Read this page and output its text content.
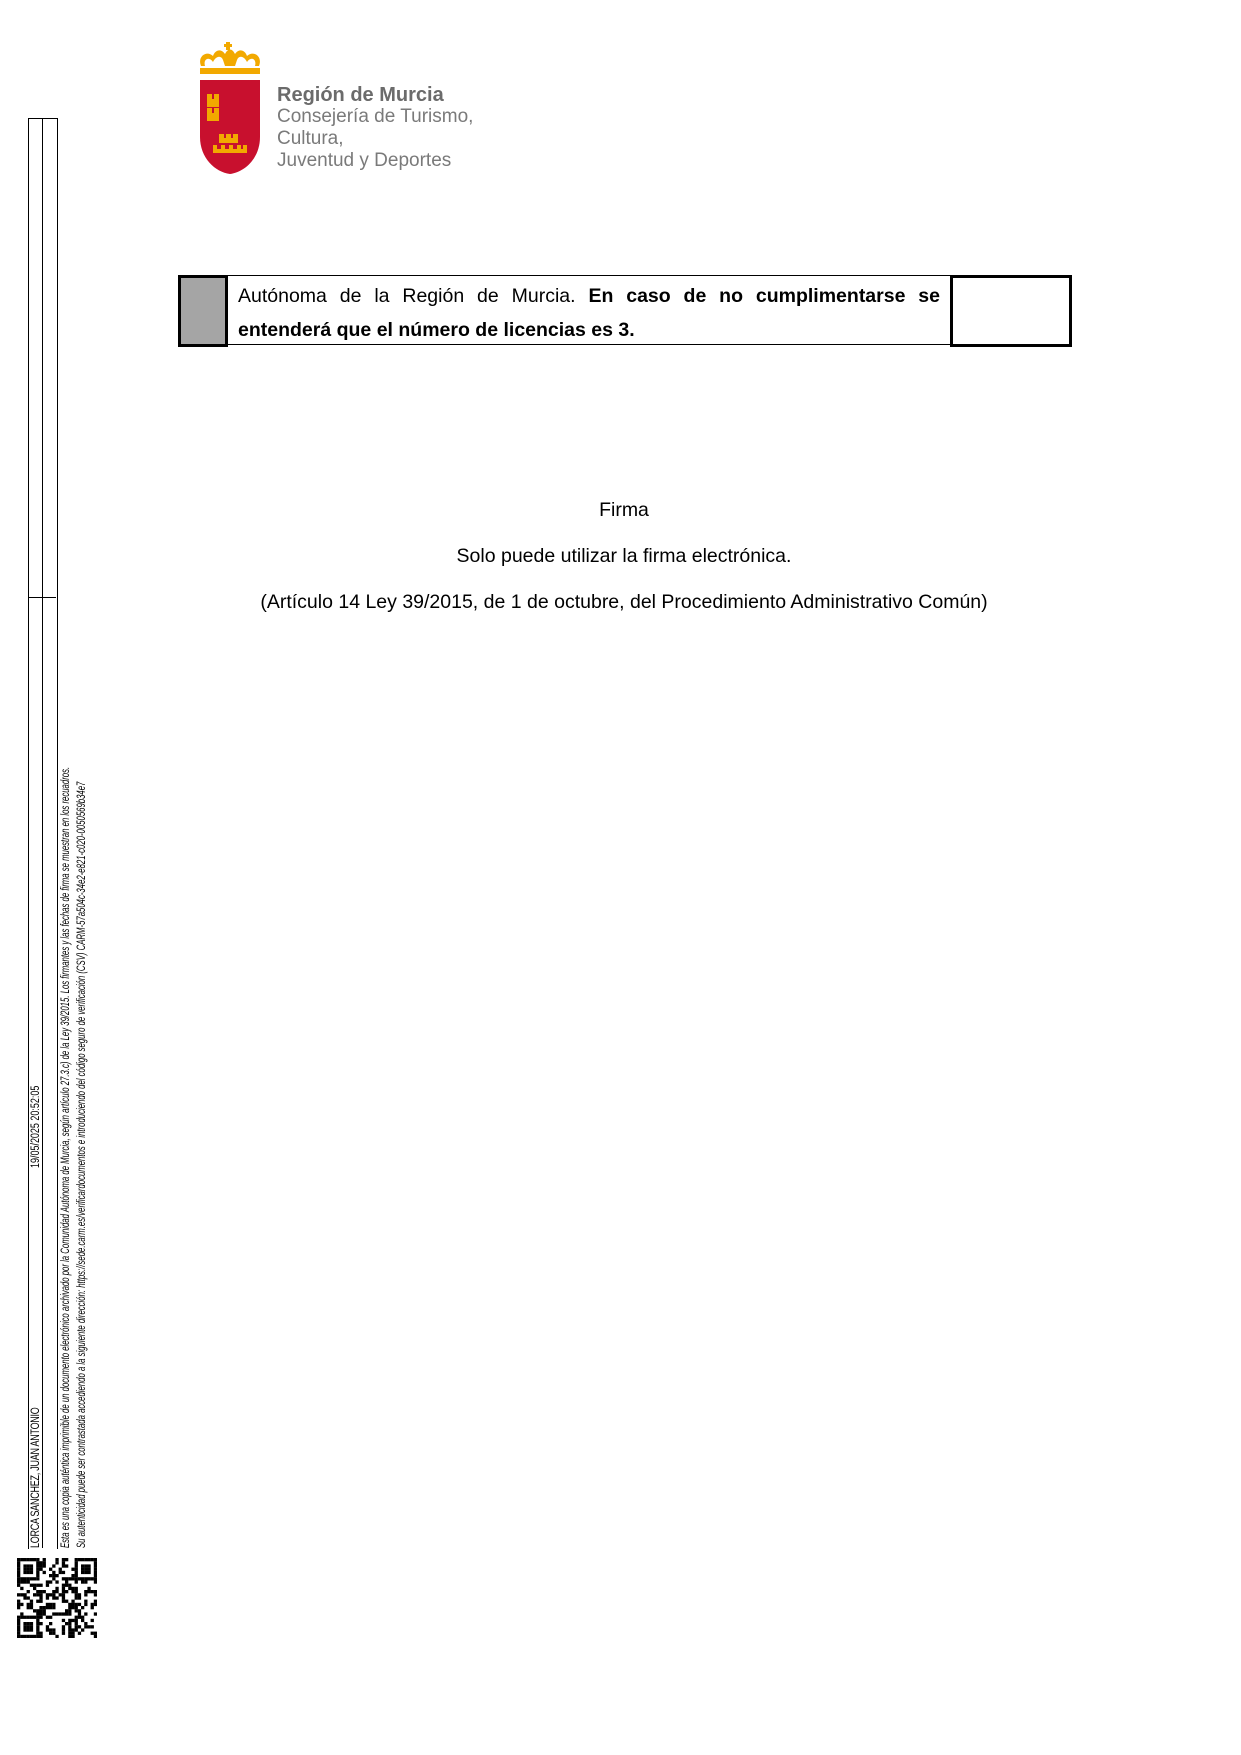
Región de Murcia
Consejería de Turismo, Cultura,
Juventud y Deportes
Autónoma de la Región de Murcia. En caso de no cumplimentarse se entenderá que el número de licencias es 3.
Firma
Solo puede utilizar la firma electrónica.
(Artículo 14 Ley 39/2015, de 1 de octubre, del Procedimiento Administrativo Común)
LORCA SANCHEZ, JUAN ANTONIO
19/05/2025 20:52:05 Esta es una copia auténtica imprimible de un documento electrónico archivado por la Comunidad Autónoma de Murcia, según artículo 27.3.c) de la Ley 39/2015. Los firmantes y las fechas de firma se muestran en los recuadros. Su autenticidad puede ser contrastada accediendo a la siguiente dirección: https://sede.carm.es/verificardocumentos e introduciendo del código seguro de verificación (CSV) CARM-57a504c-34e2-e821-c020-0050569b34e7
